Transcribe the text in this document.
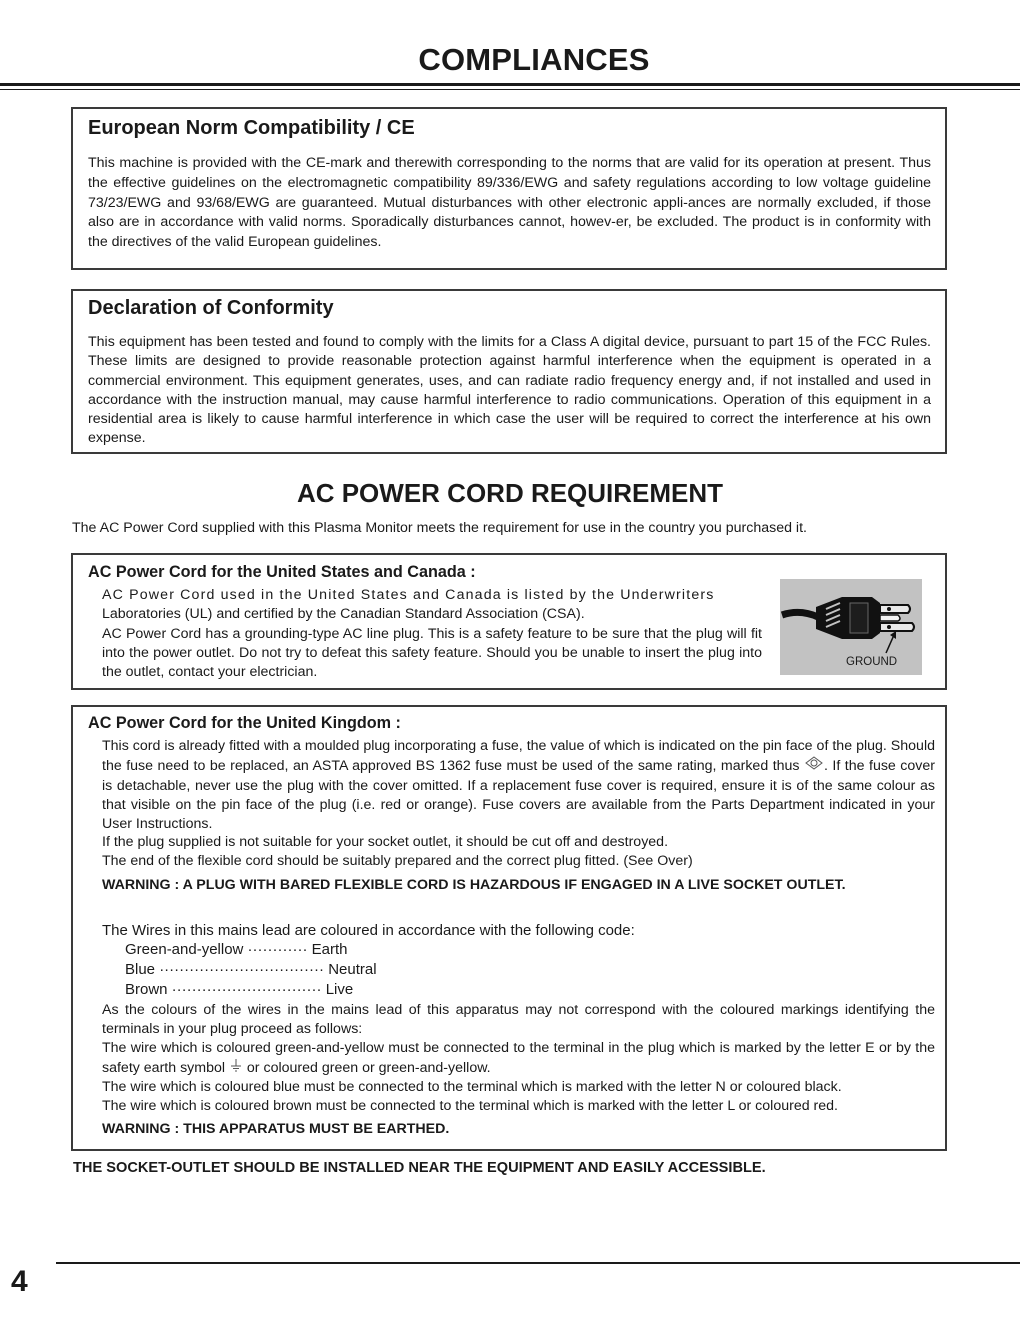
COMPLIANCES
European Norm Compatibility / CE

This machine is provided with the CE-mark and therewith corresponding to the norms that are valid for its operation at present. Thus the effective guidelines on the electromagnetic compatibility 89/336/EWG and safety regulations according to low voltage guideline 73/23/EWG and 93/68/EWG are guaranteed. Mutual disturbances with other electronic appli-ances are normally excluded, if those also are in accordance with valid norms. Sporadically disturbances cannot, howev-er, be excluded. The product is in conformity with the directives of the valid European guidelines.

Declaration of Conformity

This equipment has been tested and found to comply with the limits for a Class A digital device, pursuant to part 15 of the FCC Rules. These limits are designed to provide reasonable protection against harmful interference when the equipment is operated in a commercial environment. This equipment generates, uses, and can radiate radio frequency energy and, if not installed and used in accordance with the instruction manual, may cause harmful interference to radio communications. Operation of this equipment in a residential area is likely to cause harmful interference in which case the user will be required to correct the interference at his own expense.

AC POWER CORD REQUIREMENT
The AC Power Cord supplied with this Plasma Monitor meets the requirement for use in the country you purchased it.
AC Power Cord for the United States and Canada :
AC Power Cord used in the United States and Canada is listed by the Underwriters
Laboratories (UL) and certified by the Canadian Standard Association (CSA).
AC Power Cord has a grounding-type AC line plug. This is a safety feature to be sure that the plug will fit into the power outlet. Do not try to defeat this safety feature. Should you be unable to insert the plug into the outlet, contact your electrician.
GROUND
AC Power Cord for the United Kingdom :
This cord is already fitted with a moulded plug incorporating a fuse, the value of which is indicated on the pin face of the plug. Should the fuse need to be replaced, an ASTA approved BS 1362 fuse must be used of the same rating, marked thus . If the fuse cover is detachable, never use the plug with the cover omitted. If a replacement fuse cover is required, ensure it is of the same colour as that visible on the pin face of the plug (i.e. red or orange). Fuse covers are available from the Parts Department indicated in your User Instructions.
If the plug supplied is not suitable for your socket outlet, it should be cut off and destroyed.
The end of the flexible cord should be suitably prepared and the correct plug fitted. (See Over)
WARNING : A PLUG WITH BARED FLEXIBLE CORD IS HAZARDOUS IF ENGAGED IN A LIVE SOCKET OUTLET.
The Wires in this mains lead are coloured in accordance with the following code:
Green-and-yellow ············ Earth
Blue ································· Neutral
Brown ······························ Live
As the colours of the wires in the mains lead of this apparatus may not correspond with the coloured markings identifying the terminals in your plug proceed as follows:
The wire which is coloured green-and-yellow must be connected to the terminal in the plug which is marked by the letter E or by the safety earth symbol or coloured green or green-and-yellow.
The wire which is coloured blue must be connected to the terminal which is marked with the letter N or coloured black.
The wire which is coloured brown must be connected to the terminal which is marked with the letter L or coloured red.
WARNING : THIS APPARATUS MUST BE EARTHED.
THE SOCKET-OUTLET SHOULD BE INSTALLED NEAR THE EQUIPMENT AND EASILY ACCESSIBLE.
4
